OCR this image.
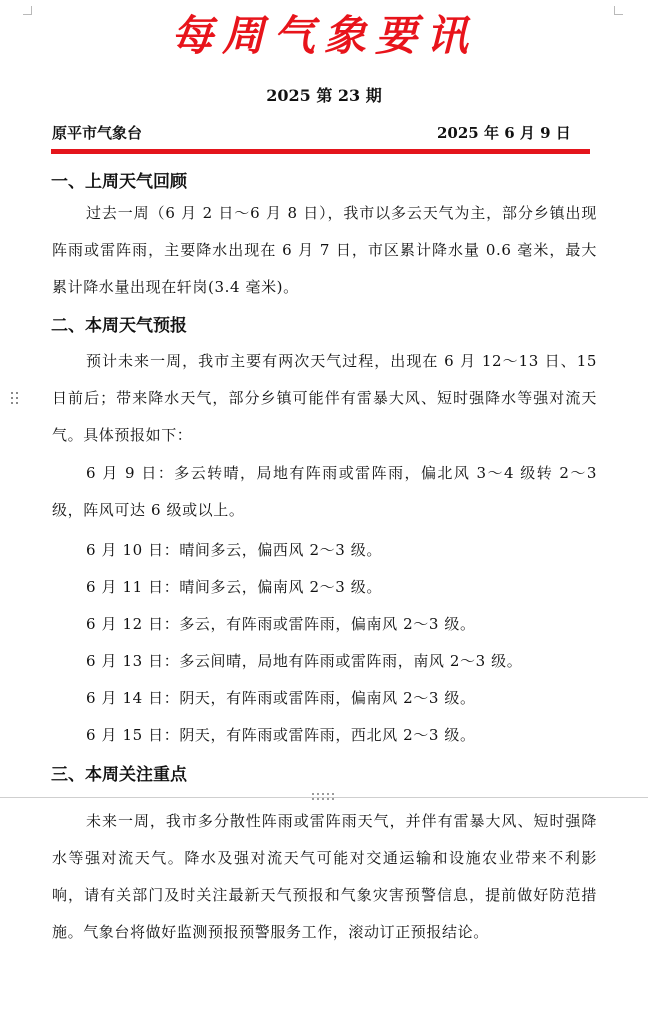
每周气象要讯
2025 第 23 期
原平市气象台	2025 年 6 月 9 日
一、上周天气回顾
过去一周（6 月 2 日～6 月 8 日），我市以多云天气为主，部分乡镇出现阵雨或雷阵雨，主要降水出现在 6 月 7 日，市区累计降水量 0.6 毫米，最大累计降水量出现在轩岗(3.4 毫米)。
二、本周天气预报
预计未来一周，我市主要有两次天气过程，出现在 6 月 12～13 日、15 日前后；带来降水天气，部分乡镇可能伴有雷暴大风、短时强降水等强对流天气。具体预报如下：
6 月 9 日：多云转晴，局地有阵雨或雷阵雨，偏北风 3～4 级转 2～3 级，阵风可达 6 级或以上。
6 月 10 日：晴间多云，偏西风 2～3 级。
6 月 11 日：晴间多云，偏南风 2～3 级。
6 月 12 日：多云，有阵雨或雷阵雨，偏南风 2～3 级。
6 月 13 日：多云间晴，局地有阵雨或雷阵雨，南风 2～3 级。
6 月 14 日：阴天，有阵雨或雷阵雨，偏南风 2～3 级。
6 月 15 日：阴天，有阵雨或雷阵雨，西北风 2～3 级。
三、本周关注重点
未来一周，我市多分散性阵雨或雷阵雨天气，并伴有雷暴大风、短时强降水等强对流天气。降水及强对流天气可能对交通运输和设施农业带来不利影响，请有关部门及时关注最新天气预报和气象灾害预警信息，提前做好防范措施。气象台将做好监测预报预警服务工作，滚动订正预报结论。
